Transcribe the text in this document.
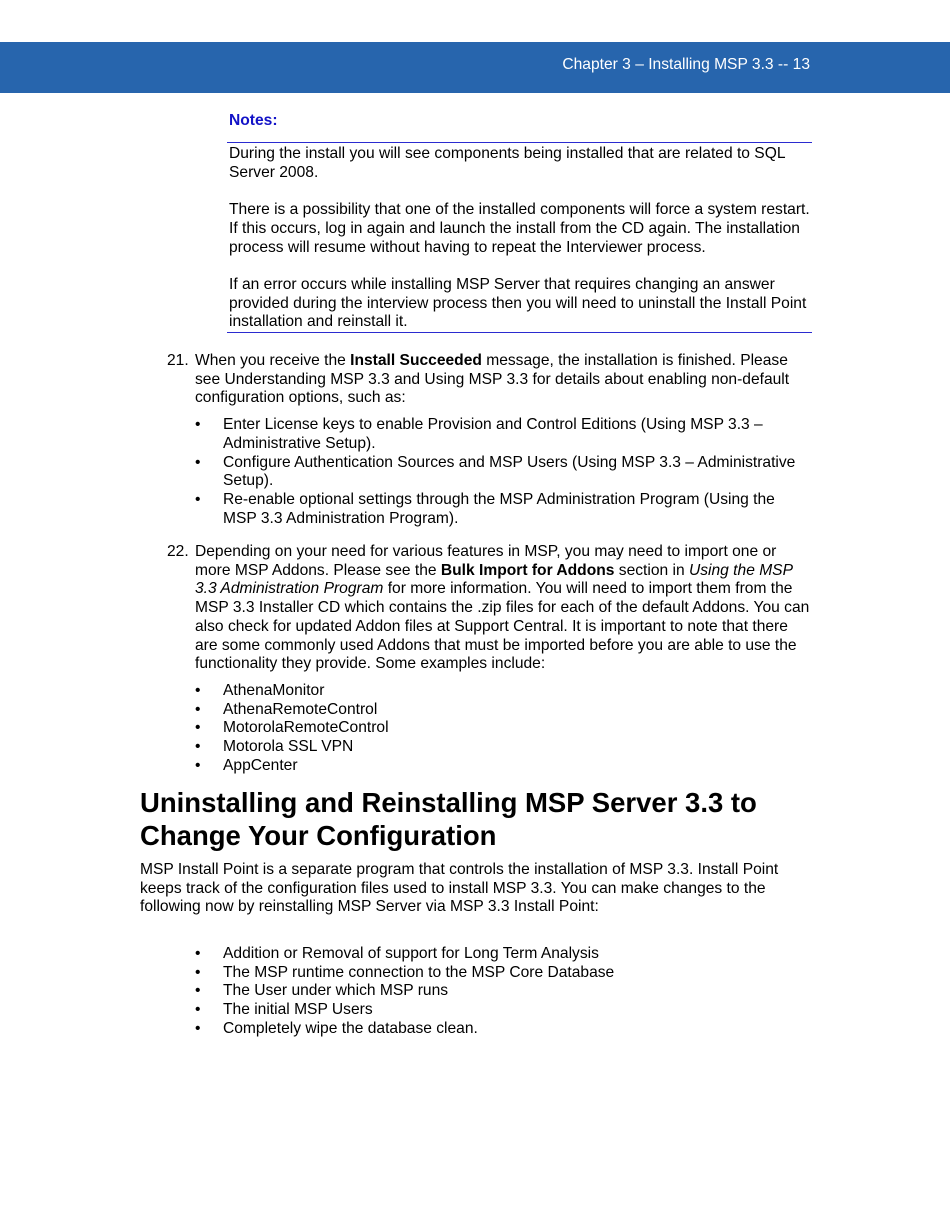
Chapter 3 – Installing MSP 3.3 -- 13
Notes:

During the install you will see components being installed that are related to SQL Server 2008.

There is a possibility that one of the installed components will force a system restart. If this occurs, log in again and launch the install from the CD again. The installation process will resume without having to repeat the Interviewer process.

If an error occurs while installing MSP Server that requires changing an answer provided during the interview process then you will need to uninstall the Install Point installation and reinstall it.

21. When you receive the Install Succeeded message, the installation is finished. Please see Understanding MSP 3.3 and Using MSP 3.3 for details about enabling non-default configuration options, such as:

• Enter License keys to enable Provision and Control Editions (Using MSP 3.3 – Administrative Setup).
• Configure Authentication Sources and MSP Users (Using MSP 3.3 – Administrative Setup).
• Re-enable optional settings through the MSP Administration Program (Using the MSP 3.3 Administration Program).
22. Depending on your need for various features in MSP, you may need to import one or more MSP Addons. Please see the Bulk Import for Addons section in Using the MSP 3.3 Administration Program for more information. You will need to import them from the MSP 3.3 Installer CD which contains the .zip files for each of the default Addons. You can also check for updated Addon files at Support Central. It is important to note that there are some commonly used Addons that must be imported before you are able to use the functionality they provide. Some examples include:

• AthenaMonitor
• AthenaRemoteControl
• MotorolaRemoteControl
• Motorola SSL VPN
• AppCenter
Uninstalling and Reinstalling MSP Server 3.3 to Change Your Configuration

MSP Install Point is a separate program that controls the installation of MSP 3.3. Install Point keeps track of the configuration files used to install MSP 3.3. You can make changes to the following now by reinstalling MSP Server via MSP 3.3 Install Point:

• Addition or Removal of support for Long Term Analysis
• The MSP runtime connection to the MSP Core Database
• The User under which MSP runs
• The initial MSP Users
• Completely wipe the database clean.
